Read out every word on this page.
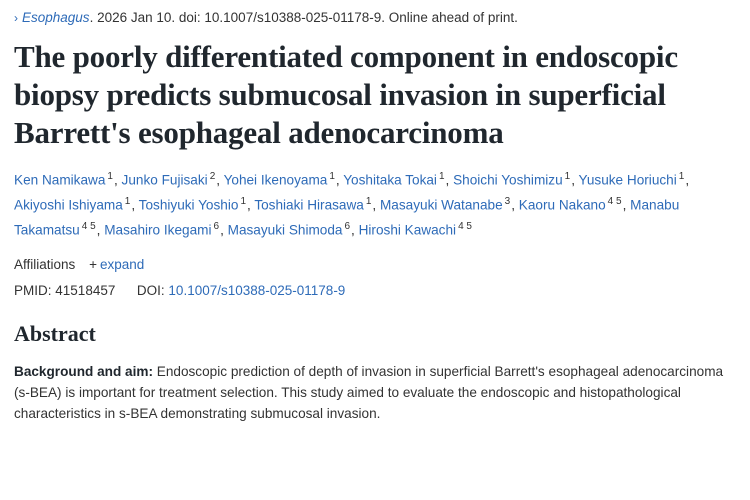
› Esophagus. 2026 Jan 10. doi: 10.1007/s10388-025-01178-9. Online ahead of print.
The poorly differentiated component in endoscopic biopsy predicts submucosal invasion in superficial Barrett's esophageal adenocarcinoma
Ken Namikawa $^1$, Junko Fujisaki $^2$, Yohei Ikenoyama $^1$, Yoshitaka Tokai $^1$, Shoichi Yoshimizu $^1$, Yusuke Horiuchi $^1$, Akiyoshi Ishiyama $^1$, Toshiyuki Yoshio $^1$, Toshiaki Hirasawa $^1$, Masayuki Watanabe $^3$, Kaoru Nakano $^{4 5}$, Manabu Takamatsu $^{4 5}$, Masahiro Ikegami $^6$, Masayuki Shimoda $^6$, Hiroshi Kawachi $^{4 5}$
Affiliations + expand
PMID: 41518457 DOI: 10.1007/s10388-025-01178-9
Abstract
Background and aim: Endoscopic prediction of depth of invasion in superficial Barrett's esophageal adenocarcinoma (s-BEA) is important for treatment selection. This study aimed to evaluate the endoscopic and histopathological characteristics in s-BEA demonstrating submucosal invasion.
